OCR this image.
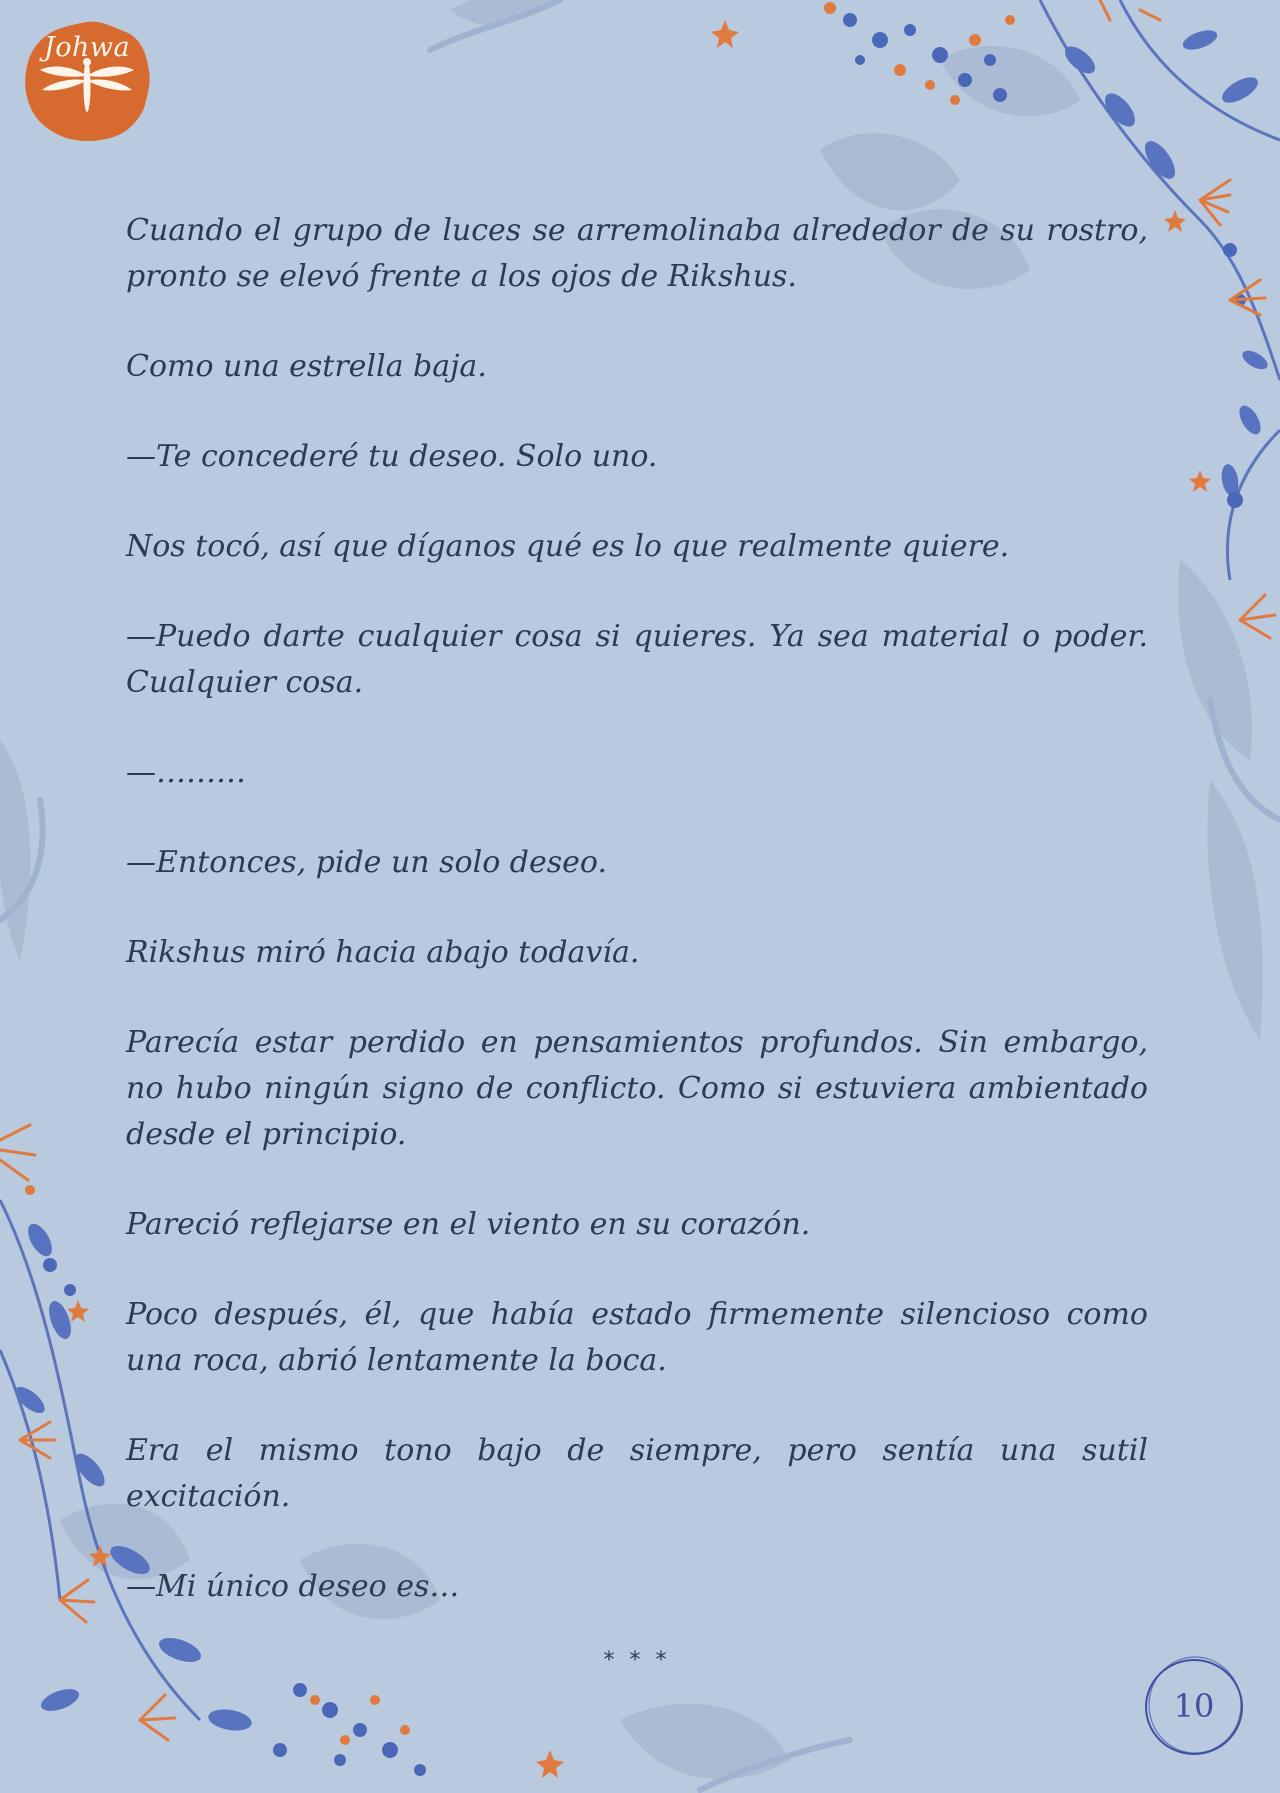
Johwa

Cuando el grupo de luces se arremolinaba alrededor de su rostro, pronto se elevó frente a los ojos de Rikshus.

Como una estrella baja.

—Te concederé tu deseo. Solo uno.

Nos tocó, así que díganos qué es lo que realmente quiere.

—Puedo darte cualquier cosa si quieres. Ya sea material o poder. Cualquier cosa.

—………

—Entonces, pide un solo deseo.

Rikshus miró hacia abajo todavía.

Parecía estar perdido en pensamientos profundos. Sin embargo, no hubo ningún signo de conflicto. Como si estuviera ambientado desde el principio.

Pareció reflejarse en el viento en su corazón.

Poco después, él, que había estado firmemente silencioso como una roca, abrió lentamente la boca.

Era el mismo tono bajo de siempre, pero sentía una sutil excitación.

—Mi único deseo es…

* * *
10
